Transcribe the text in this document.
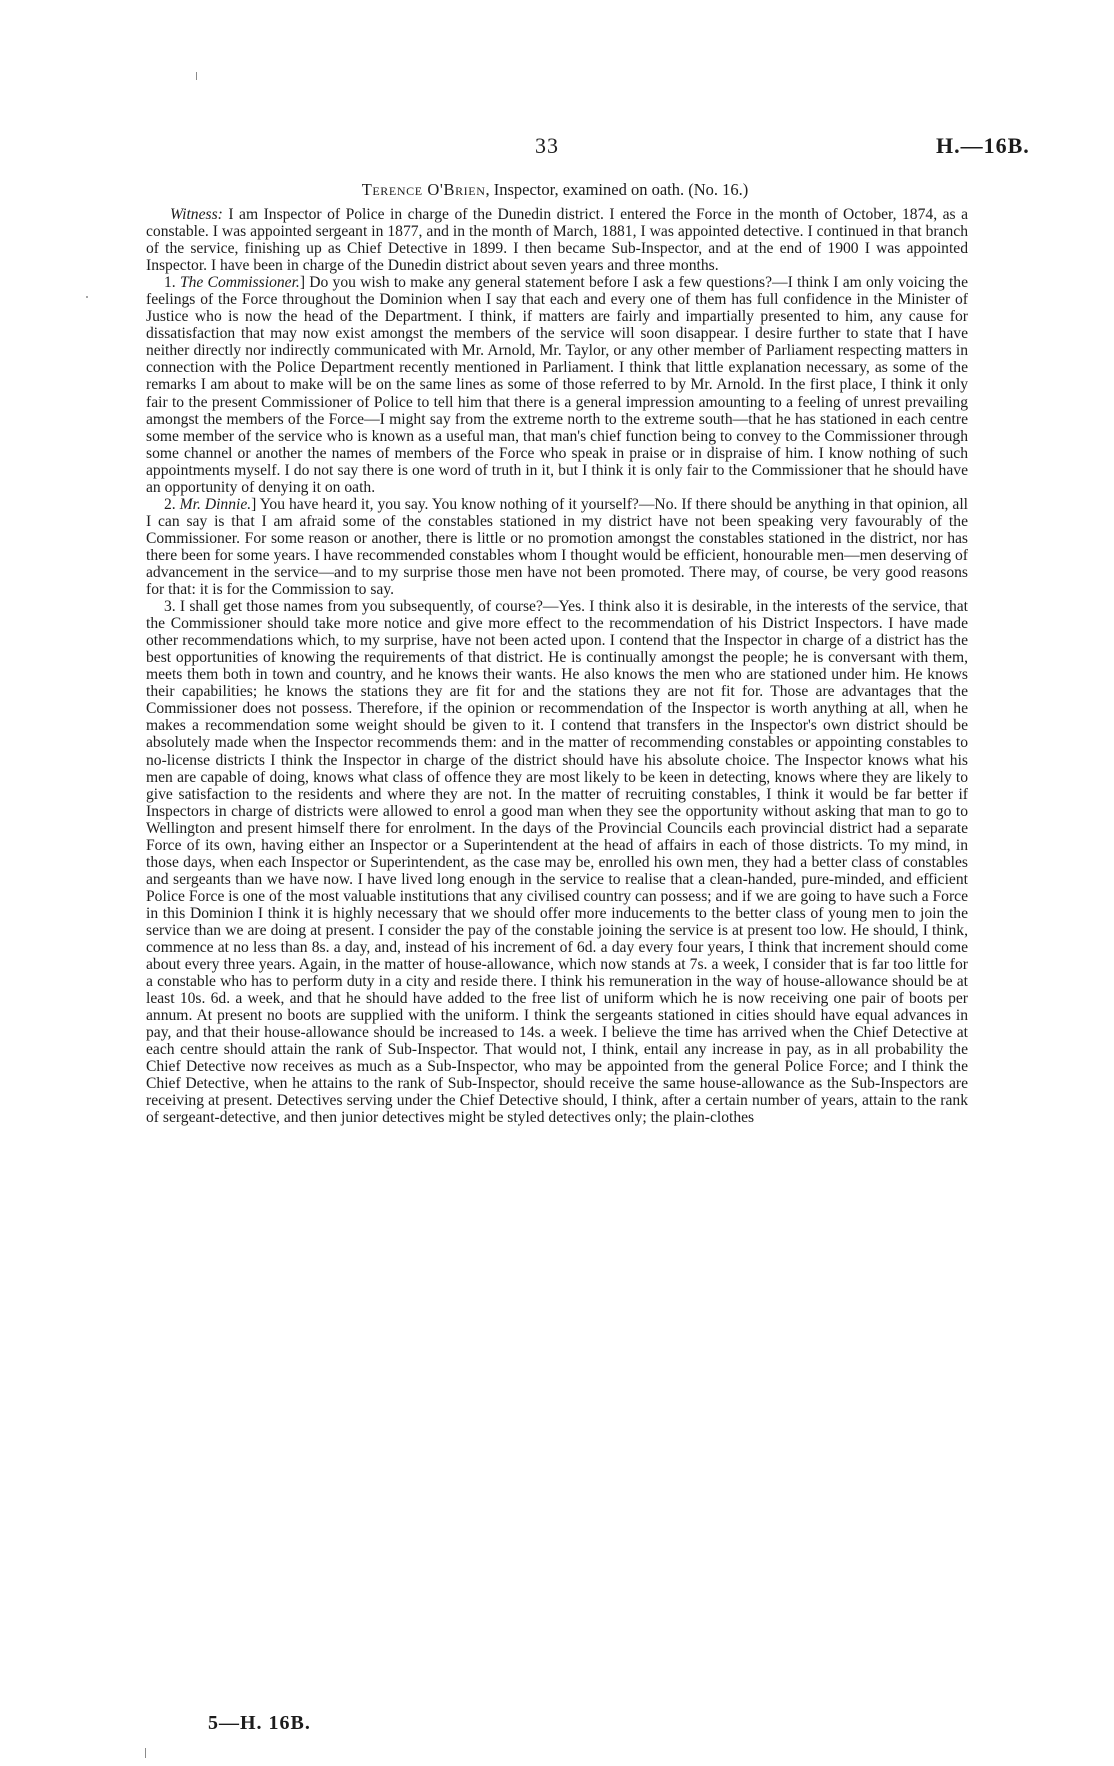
33	H.—16B.
Terence O'Brien, Inspector, examined on oath. (No. 16.)

Witness: I am Inspector of Police in charge of the Dunedin district. I entered the Force in the month of October, 1874, as a constable. I was appointed sergeant in 1877, and in the month of March, 1881, I was appointed detective. I continued in that branch of the service, finishing up as Chief Detective in 1899. I then became Sub-Inspector, and at the end of 1900 I was appointed Inspector. I have been in charge of the Dunedin district about seven years and three months.

1. The Commissioner.] Do you wish to make any general statement before I ask a few questions?—I think I am only voicing the feelings of the Force throughout the Dominion when I say that each and every one of them has full confidence in the Minister of Justice who is now the head of the Department. I think, if matters are fairly and impartially presented to him, any cause for dissatisfaction that may now exist amongst the members of the service will soon disappear. I desire further to state that I have neither directly nor indirectly communicated with Mr. Arnold, Mr. Taylor, or any other member of Parliament respecting matters in connection with the Police Department recently mentioned in Parliament. I think that little explanation necessary, as some of the remarks I am about to make will be on the same lines as some of those referred to by Mr. Arnold. In the first place, I think it only fair to the present Commissioner of Police to tell him that there is a general impression amounting to a feeling of unrest prevailing amongst the members of the Force—I might say from the extreme north to the extreme south—that he has stationed in each centre some member of the service who is known as a useful man, that man's chief function being to convey to the Commissioner through some channel or another the names of members of the Force who speak in praise or in dispraise of him. I know nothing of such appointments myself. I do not say there is one word of truth in it, but I think it is only fair to the Commissioner that he should have an opportunity of denying it on oath.

2. Mr. Dinnie.] You have heard it, you say. You know nothing of it yourself?—No. If there should be anything in that opinion, all I can say is that I am afraid some of the constables stationed in my district have not been speaking very favourably of the Commissioner. For some reason or another, there is little or no promotion amongst the constables stationed in the district, nor has there been for some years. I have recommended constables whom I thought would be efficient, honourable men—men deserving of advancement in the service—and to my surprise those men have not been promoted. There may, of course, be very good reasons for that: it is for the Commission to say.

3. I shall get those names from you subsequently, of course?—Yes. I think also it is desirable, in the interests of the service, that the Commissioner should take more notice and give more effect to the recommendation of his District Inspectors. I have made other recommendations which, to my surprise, have not been acted upon. I contend that the Inspector in charge of a district has the best opportunities of knowing the requirements of that district. He is continually amongst the people; he is conversant with them, meets them both in town and country, and he knows their wants. He also knows the men who are stationed under him. He knows their capabilities; he knows the stations they are fit for and the stations they are not fit for. Those are advantages that the Commissioner does not possess. Therefore, if the opinion or recommendation of the Inspector is worth anything at all, when he makes a recommendation some weight should be given to it. I contend that transfers in the Inspector's own district should be absolutely made when the Inspector recommends them: and in the matter of recommending constables or appointing constables to no-license districts I think the Inspector in charge of the district should have his absolute choice. The Inspector knows what his men are capable of doing, knows what class of offence they are most likely to be keen in detecting, knows where they are likely to give satisfaction to the residents and where they are not. In the matter of recruiting constables, I think it would be far better if Inspectors in charge of districts were allowed to enrol a good man when they see the opportunity without asking that man to go to Wellington and present himself there for enrolment. In the days of the Provincial Councils each provincial district had a separate Force of its own, having either an Inspector or a Superintendent at the head of affairs in each of those districts. To my mind, in those days, when each Inspector or Superintendent, as the case may be, enrolled his own men, they had a better class of constables and sergeants than we have now. I have lived long enough in the service to realise that a clean-handed, pure-minded, and efficient Police Force is one of the most valuable institutions that any civilised country can possess; and if we are going to have such a Force in this Dominion I think it is highly necessary that we should offer more inducements to the better class of young men to join the service than we are doing at present. I consider the pay of the constable joining the service is at present too low. He should, I think, commence at no less than 8s. a day, and, instead of his increment of 6d. a day every four years, I think that increment should come about every three years. Again, in the matter of house-allowance, which now stands at 7s. a week, I consider that is far too little for a constable who has to perform duty in a city and reside there. I think his remuneration in the way of house-allowance should be at least 10s. 6d. a week, and that he should have added to the free list of uniform which he is now receiving one pair of boots per annum. At present no boots are supplied with the uniform. I think the sergeants stationed in cities should have equal advances in pay, and that their house-allowance should be increased to 14s. a week. I believe the time has arrived when the Chief Detective at each centre should attain the rank of Sub-Inspector. That would not, I think, entail any increase in pay, as in all probability the Chief Detective now receives as much as a Sub-Inspector, who may be appointed from the general Police Force; and I think the Chief Detective, when he attains to the rank of Sub-Inspector, should receive the same house-allowance as the Sub-Inspectors are receiving at present. Detectives serving under the Chief Detective should, I think, after a certain number of years, attain to the rank of sergeant-detective, and then junior detectives might be styled detectives only; the plain-clothes

5—H. 16B.
